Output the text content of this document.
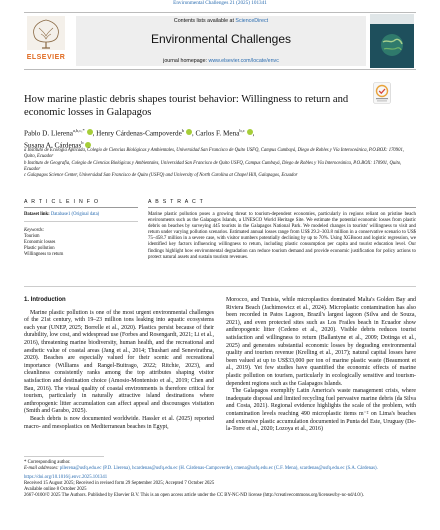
Environmental Challenges 21 (2025) 101341
ELSEVIER
Contents lists available at ScienceDirect
Environmental Challenges
journal homepage: www.elsevier.com/locate/envc
How marine plastic debris shapes tourist behavior: Willingness to return and economic losses in Galapagos
Pablo D. Llerena$^{a,b,c,*}$ , Henry Cárdenas-Campoverde$^b$ , Carlos F. Mena$^{b,c}$ ,
Susana A. Cárdenas$^b$
a Instituto de Ecología Aplicada, Colegio de Ciencias Biológicas y Ambientales, Universidad San Francisco de Quito USFQ, Campus Cumbayá, Diego de Robles y Vía Interoceánica, P.O.BOX: 170901, Quito, Ecuador
b Instituto de Geografía, Colegio de Ciencias Biológicas y Ambientales, Universidad San Francisco de Quito USFQ, Campus Cumbayá, Diego de Robles y Vía Interoceánica, P.O.BOX: 170901, Quito, Ecuador
c Galapagos Science Center, Universidad San Francisco de Quito (USFQ) and University of North Carolina at Chapel Hill, Galapagos, Ecuador
A R T I C L E I N F O
Dataset link: Database1 (Original data)
Keywords:
Tourism
Economic losses
Plastic pollution
Willingness to return
A B S T R A C T
Marine plastic pollution poses a growing threat to tourism-dependent economies, particularly in regions reliant on pristine beach environments such as the Galapagos Islands, a UNESCO World Heritage Site. We estimate the potential economic losses from plastic debris on beaches by surveying 445 tourists in the Galapagos National Park. We modeled changes in tourists' willingness to visit and return under varying pollution scenarios. Estimated annual losses range from US$ 29.2–303.8 million in a conservative scenario to US$ 75–458.7 million in a severe case, with visitor numbers potentially declining by up to 70%. Using XGBoost and logistic regression, we identified key factors influencing willingness to return, including plastic consumption per capita and tourist education level. Our findings highlight how environmental degradation can reduce tourism demand and provide economic justification for policy actions to protect natural assets and sustain tourism revenues.
1. Introduction

Marine plastic pollution is one of the most urgent environmental challenges of the 21st century, with 19–23 million tons leaking into aquatic ecosystems each year (UNEP, 2025; Borrelle et al., 2020). Plastics persist because of their durability, low cost, and widespread use (Forbes and Rosengardt, 2021; Li et al., 2016), threatening marine biodiversity, human health, and the recreational and aesthetic value of coastal areas (Jang et al., 2014; Thushari and Senevirathna, 2020). Beaches are especially valued for their scenic and recreational importance (Williams and Rangel-Buitrago, 2022; Ritchie, 2023), and cleanliness consistently ranks among the top attributes shaping visitor satisfaction and destination choice (Amosio-Montenisio et al., 2019; Chen and Bau, 2016). The visual quality of coastal environments is therefore critical for tourism, particularly in naturally attractive island destinations where anthropogenic litter accumulation can affect appeal and discourages visitation (Smith and Garabo, 2025).

Beach debris is now documented worldwide. Hassler et al. (2025) reported macro- and mesoplastics on Mediterranean beaches in Egypt,

Morocco, and Tunisia, while microplastics dominated Malta's Golden Bay and Riviera Beach (Jachimowicz et al., 2024). Microplastic contamination has also been recorded in Patos Lagoon, Brazil's largest lagoon (Silva and de Souza, 2021), and even protected sites such as Los Frailes beach in Ecuador show anthropogenic litter (Cedeno et al., 2020). Visible debris reduces tourist satisfaction and willingness to return (Ballantyne et al., 2009; Dotinga et al., 2025) and generates substantial economic losses by degrading environmental quality and tourism revenue (Krelling et al., 2017); natural capital losses have been valued at up to US$33,000 per ton of marine plastic waste (Beaumont et al., 2019). Yet few studies have quantified the economic effects of marine plastic pollution on tourism, particularly in ecologically sensitive and tourism-dependent regions such as the Galapagos Islands.

The Galapagos exemplify Latin America's waste management crisis, where inadequate disposal and limited recycling fuel pervasive marine debris (da Silva and Costa, 2021). Regional evidence highlights the scale of the problem, with contamination levels reaching 490 microplastic items m⁻² on Lima's beaches and extensive plastic accumulation documented in Punta del Este, Uruguay (De-la-Torre et al., 2020; Lozoya et al., 2016)

* Corresponding author.
E-mail addresses: pllerena@usfq.edu.ec (P.D. Llerena), hcardenas@usfq.edu.ec (H. Cárdenas-Campoverde), cmena@usfq.edu.ec (C.F. Mena), scardenas@usfq.edu.ec (S.A. Cárdenas).
https://doi.org/10.1016/j.envc.2025.101341
Received 15 August 2025; Received in revised form 29 September 2025; Accepted 7 October 2025
Available online 8 October 2025
2667-0100/© 2025 The Authors. Published by Elsevier B.V. This is an open access article under the CC BY-NC-ND license (http://creativecommons.org/licenses/by-nc-nd/4.0/).
